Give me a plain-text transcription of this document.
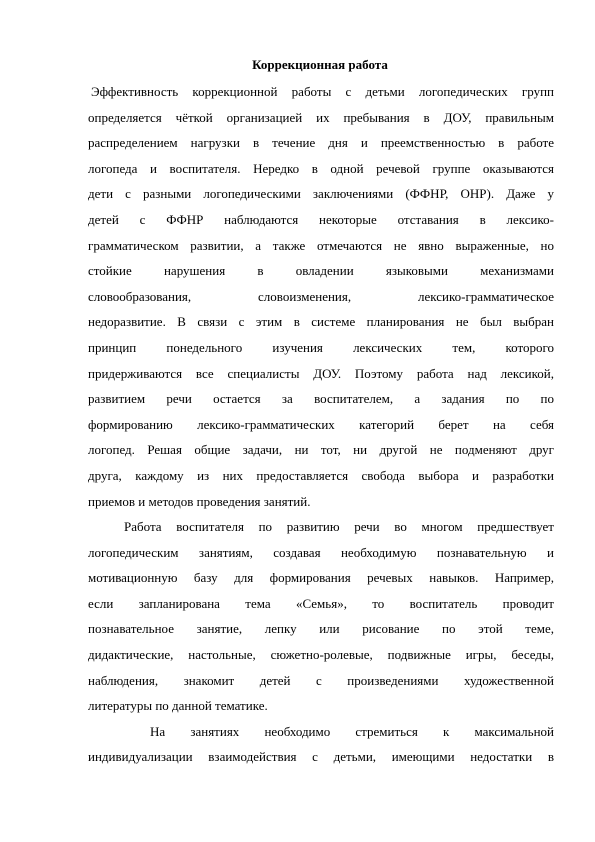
Коррекционная работа
Эффективность коррекционной работы с детьми логопедических групп
определяется чёткой организацией их пребывания в ДОУ, правильным
распределением нагрузки в течение дня и преемственностью в работе
логопеда и воспитателя. Нередко в одной речевой группе оказываются
дети с разными логопедическими заключениями (ФФНР, ОНР). Даже у
детей с ФФНР наблюдаются некоторые отставания в лексико-
грамматическом развитии, а также отмечаются не явно выраженные, но
стойкие нарушения в овладении языковыми механизмами
словообразования, словоизменения, лексико-грамматическое
недоразвитие. В связи с этим в системе планирования не был выбран
принцип понедельного изучения лексических тем, которого
придерживаются все специалисты ДОУ. Поэтому работа над лексикой,
развитием речи остается за воспитателем, а задания по по
формированию лексико-грамматических категорий берет на себя
логопед. Решая общие задачи, ни тот, ни другой не подменяют друг
друга, каждому из них предоставляется свобода выбора и разработки
приемов и методов проведения занятий.
Работа воспитателя по развитию речи во многом предшествует
логопедическим занятиям, создавая необходимую познавательную и
мотивационную базу для формирования речевых навыков. Например,
если запланирована тема «Семья», то воспитатель проводит
познавательное занятие, лепку или рисование по этой теме,
дидактические, настольные, сюжетно-ролевые, подвижные игры, беседы,
наблюдения, знакомит детей с произведениями художественной
литературы по данной тематике.
На занятиях необходимо стремиться к максимальной
индивидуализации взаимодействия с детьми, имеющими недостатки в
